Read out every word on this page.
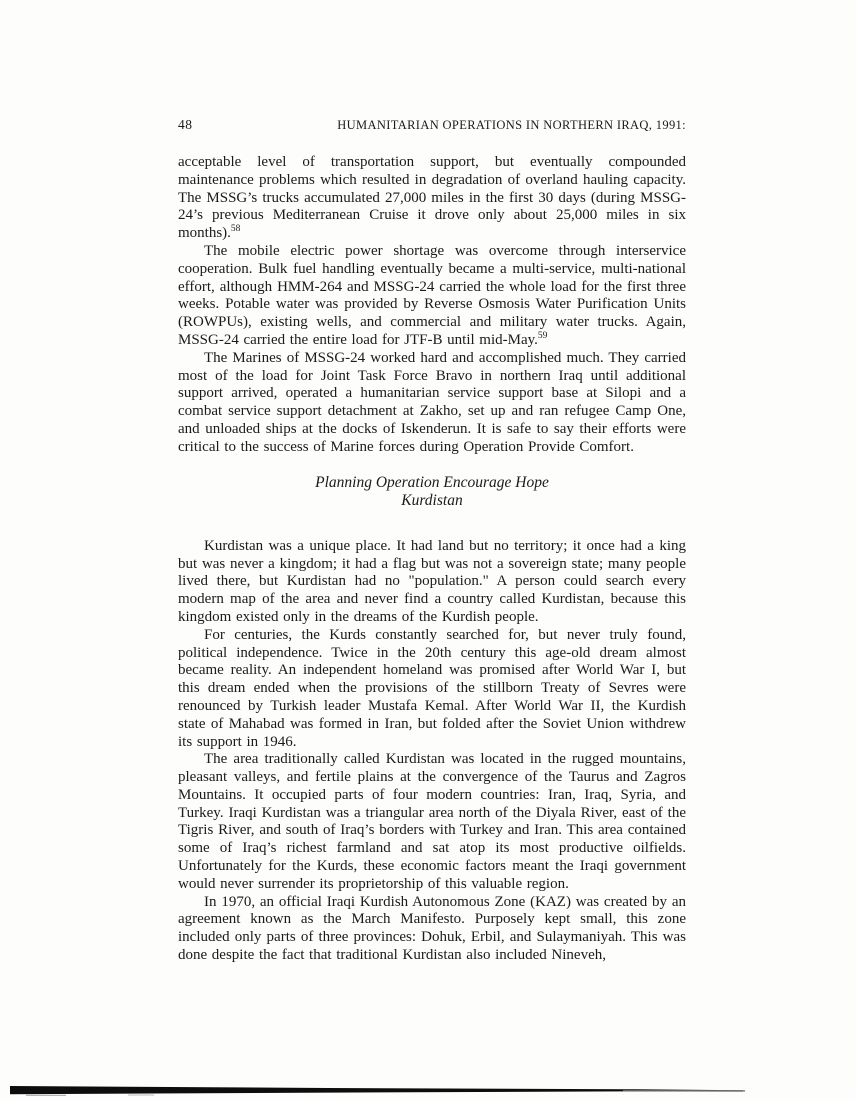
48	HUMANITARIAN OPERATIONS IN NORTHERN IRAQ, 1991:

acceptable level of transportation support, but eventually compounded maintenance problems which resulted in degradation of overland hauling capacity. The MSSG’s trucks accumulated 27,000 miles in the first 30 days (during MSSG-24’s previous Mediterranean Cruise it drove only about 25,000 miles in six months).$^{58}$

The mobile electric power shortage was overcome through interservice cooperation. Bulk fuel handling eventually became a multi-service, multi-national effort, although HMM-264 and MSSG-24 carried the whole load for the first three weeks. Potable water was provided by Reverse Osmosis Water Purification Units (ROWPUs), existing wells, and commercial and military water trucks. Again, MSSG-24 carried the entire load for JTF-B until mid-May.$^{59}$

The Marines of MSSG-24 worked hard and accomplished much. They carried most of the load for Joint Task Force Bravo in northern Iraq until additional support arrived, operated a humanitarian service support base at Silopi and a combat service support detachment at Zakho, set up and ran refugee Camp One, and unloaded ships at the docks of Iskenderun. It is safe to say their efforts were critical to the success of Marine forces during Operation Provide Comfort.

Planning Operation Encourage Hope
Kurdistan

Kurdistan was a unique place. It had land but no territory; it once had a king but was never a kingdom; it had a flag but was not a sovereign state; many people lived there, but Kurdistan had no "population." A person could search every modern map of the area and never find a country called Kurdistan, because this kingdom existed only in the dreams of the Kurdish people.

For centuries, the Kurds constantly searched for, but never truly found, political independence. Twice in the 20th century this age-old dream almost became reality. An independent homeland was promised after World War I, but this dream ended when the provisions of the stillborn Treaty of Sevres were renounced by Turkish leader Mustafa Kemal. After World War II, the Kurdish state of Mahabad was formed in Iran, but folded after the Soviet Union withdrew its support in 1946.

The area traditionally called Kurdistan was located in the rugged mountains, pleasant valleys, and fertile plains at the convergence of the Taurus and Zagros Mountains. It occupied parts of four modern countries: Iran, Iraq, Syria, and Turkey. Iraqi Kurdistan was a triangular area north of the Diyala River, east of the Tigris River, and south of Iraq’s borders with Turkey and Iran. This area contained some of Iraq’s richest farmland and sat atop its most productive oilfields. Unfortunately for the Kurds, these economic factors meant the Iraqi government would never surrender its proprietorship of this valuable region.

In 1970, an official Iraqi Kurdish Autonomous Zone (KAZ) was created by an agreement known as the March Manifesto. Purposely kept small, this zone included only parts of three provinces: Dohuk, Erbil, and Sulaymaniyah. This was done despite the fact that traditional Kurdistan also included Nineveh,
